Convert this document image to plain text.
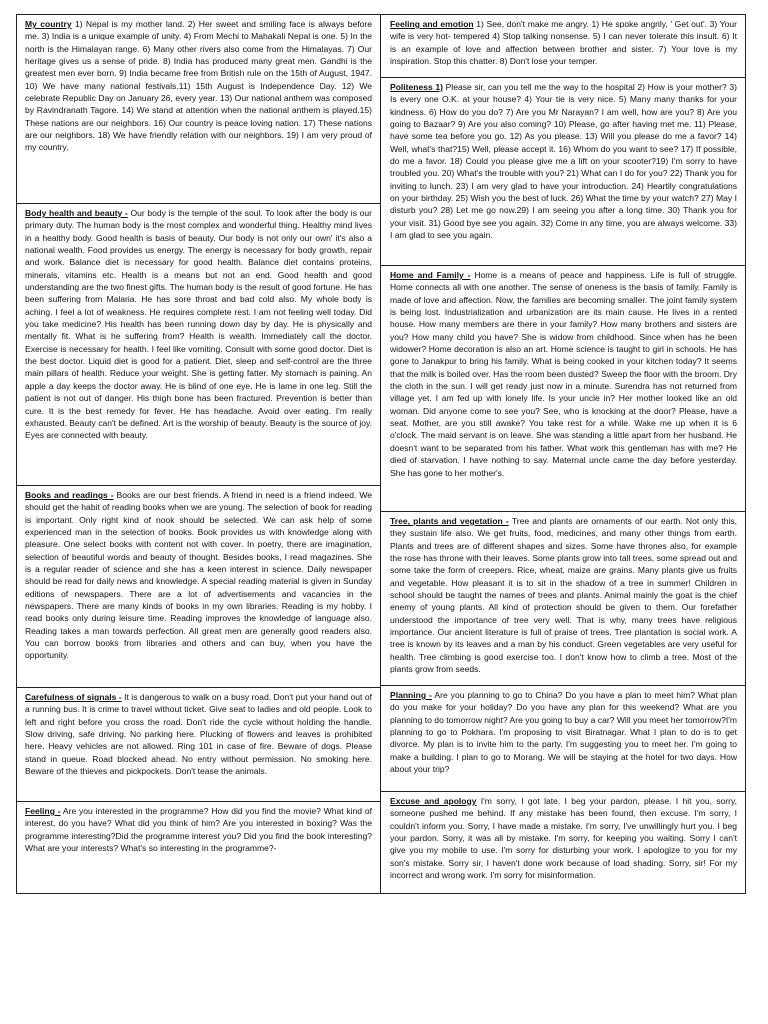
My country 1) Nepal is my mother land. 2) Her sweet and smiling face is always before me. 3) India is a unique example of unity. 4) From Mechi to Mahakali Nepal is one. 5) In the north is the Himalayan range. 6) Many other rivers also come from the Himalayas. 7) Our heritage gives us a sense of pride. 8) India has produced many great men. Gandhi is the greatest men ever born. 9) India became free from British rule on the 15th of August, 1947. 10) We have many national festivals.11) 15th August is Independence Day. 12) We celebrate Republic Day on January 26, every year. 13) Our national anthem was composed by Ravindranath Tagore. 14) We stand at attention when the national anthem is played.15) These nations are our neighbors. 16) Our country is peace loving nation. 17) These nations are our neighbors. 18) We have friendly relation with our neighbors. 19) I am very proud of my country.
Body health and beauty - Our body is the temple of the soul. To look after the body is our primary duty. The human body is the most complex and wonderful thing. Healthy mind lives in a healthy body. Good health is basis of beauty. Our body is not only our own' it's also a national wealth. Food provides us energy. The energy is necessary for body growth, repair and work. Balance diet is necessary for good health. Balance diet contains proteins, minerals, vitamins etc. Health is a means but not an end. Good health and good understanding are the two finest gifts. The human body is the result of good fortune. He has been suffering from Malaria. He has sore throat and bad cold also. My whole body is aching. I feel a lot of weakness. He requires complete rest. I am not feeling well today. Did you take medicine? His health has been running down day by day. He is physically and mentally fit. What is he suffering from? Health is wealth. Immediately call the doctor. Exercise is necessary for health. I feel like vomiting. Consult with some good doctor. Diet is the best doctor. Liquid diet is good for a patient. Diet, sleep and self-control are the three main pillars of health. Reduce your weight. She is getting fatter. My stomach is paining. An apple a day keeps the doctor away. He is blind of one eye. He is lame in one leg. Still the patient is not out of danger. His thigh bone has been fractured. Prevention is better than cure. It is the best remedy for fever. He has headache. Avoid over eating. I'm really exhausted. Beauty can't be defined. Art is the worship of beauty. Beauty is the source of joy. Eyes are connected with beauty.
Books and readings - Books are our best friends. A friend in need is a friend indeed. We should get the habit of reading books when we are young. The selection of book for reading is important. Only right kind of nook should be selected. We can ask help of some experienced man in the selection of books. Book provides us with knowledge along with pleasure. One select books with content not with cover. In poetry, there are imagination, selection of beautiful words and beauty of thought. Besides books, I read magazines. She is a regular reader of science and she has a keen interest in science. Daily newspaper should be read for daily news and knowledge. A special reading material is given in Sunday editions of newspapers. There are a lot of advertisements and vacancies in the newspapers. There are many kinds of books in my own libraries. Reading is my hobby. I read books only during leisure time. Reading improves the knowledge of language also. Reading takes a man towards perfection. All great men are generally good readers also. You can borrow books from libraries and others and can buy, when you have the opportunity.
Carefulness of signals - It is dangerous to walk on a busy road. Don't put your hand out of a running bus. It is crime to travel without ticket. Give seat to ladies and old people. Look to left and right before you cross the road. Don't ride the cycle without holding the handle. Slow driving, safe driving. No parking here. Plucking of flowers and leaves is prohibited here. Heavy vehicles are not allowed. Ring 101 in case of fire. Beware of dogs. Please stand in queue. Road blocked ahead. No entry without permission. No smoking here. Beware of the thieves and pickpockets. Don't tease the animals.
Feeling - Are you interested in the programme? How did you find the movie? What kind of interest, do you have? What did you think of him? Are you interested in boxing? Was the programme interesting?Did the programme interest you? Did you find the book interesting? What are your interests? What's so interesting in the programme?-
Feeling and emotion 1) See, don't make me angry. 1) He spoke angrily, ' Get out'. 3) Your wife is very hot- tempered 4) Stop talking nonsense. 5) I can never tolerate this insult. 6) It is an example of love and affection between brother and sister. 7) Your love is my inspiration. Stop this chatter. 8) Don't lose your temper.
Politeness 1) Please sir, can you tell me the way to the hospital 2) How is your mother? 3) Is every one O.K. at your house? 4) Your tie is very nice. 5) Many many thanks for your kindness. 6) How do you do? 7) Are you Mr Narayan? I am well, how are you? 8) Are you going to Bazaar? 9) Are you also coming? 10) Please, go after having met me. 11) Please, have some tea before you go. 12) As you please. 13) Will you please do me a favor? 14) Well, what's that?15) Well, please accept it. 16) Whom do you want to see? 17) If possible, do me a favor. 18) Could you please give me a lift on your scooter?19) I'm sorry to have troubled you. 20) What's the trouble with you? 21) What can I do for you? 22) Thank you for inviting to lunch. 23) I am very glad to have your introduction. 24) Heartily congratulations on your birthday. 25) Wish you the best of luck. 26) What the time by your watch? 27) May I disturb you? 28) Let me go now.29) I am seeing you after a long time. 30) Thank you for your visit. 31) Good bye see you again. 32) Come in any time, you are always welcome. 33) I am glad to see you again.
Home and Family - Home is a means of peace and happiness. Life is full of struggle. Home connects all with one another. The sense of oneness is the basis of family. Family is made of love and affection. Now, the families are becoming smaller. The joint family system is being lost. Industrialization and urbanization are its main cause. He lives in a rented house. How many members are there in your family? How many brothers and sisters are you? How many child you have? She is widow from childhood. Since when has he been widower? Home decoration is also an art. Home science is taught to girl in schools. He has gone to Janakpur to bring his family. What is being cooked in your kitchen today? It seems that the milk is boiled over. Has the room been dusted? Sweep the floor with the broom. Dry the cloth in the sun. I will get ready just now in a minute. Surendra has not returned from village yet. I am fed up with lonely life. Is your uncle in? Her mother looked like an old woman. Did anyone come to see you? See, who is knocking at the door? Please, have a seat. Mother, are you still awake? You take rest for a while. Wake me up when it is 6 o'clock. The maid servant is on leave. She was standing a little apart from her husband. He doesn't want to be separated from his father. What work this gentleman has with me? He died of starvation. I have nothing to say. Maternal uncle came the day before yesterday. She has gone to her mother's.
Tree, plants and vegetation - Tree and plants are ornaments of our earth. Not only this, they sustain life also. We get fruits, food, medicines, and many other things from earth. Plants and trees are of different shapes and sizes. Some have thrones also, for example the rose has throne with their leaves. Some plants grow into tall trees, some spread out and some take the form of creepers. Rice, wheat, maize are grains. Many plants give us fruits and vegetable. How pleasant it is to sit in the shadow of a tree in summer! Children in school should be taught the names of trees and plants. Animal mainly the goat is the chief enemy of young plants. All kind of protection should be given to them. Our forefather understood the importance of tree very well. That is why, many trees have religious importance. Our ancient literature is full of praise of trees. Tree plantation is social work. A tree is known by its leaves and a man by his conduct. Green vegetables are very useful for health. Tree climbing is good exercise too. I don't know how to climb a tree. Most of the plants grow from seeds.
Planning - Are you planning to go to China? Do you have a plan to meet him? What plan do you make for your holiday? Do you have any plan for this weekend? What are you planning to do tomorrow night? Are you going to buy a car? Will you meet her tomorrow?I'm planning to go to Pokhara. I'm proposing to visit Biratnagar. What I plan to do is to get divorce. My plan is to invite him to the party. I'm suggesting you to meet her. I'm going to make a building. I plan to go to Morang. We will be staying at the hotel for two days. How about your trip?
Excuse and apology I'm sorry, I got late. I beg your pardon, please. I hit you, sorry, someone pushed me behind. If any mistake has been found, then excuse. I'm sorry, I couldn't inform you. Sorry, I have made a mistake. I'm sorry, I've unwillingly hurt you. I beg your pardon. Sorry, it was all by mistake. I'm sorry, for keeping you waiting. Sorry I can't give you my mobile to use. I'm sorry for disturbing your work. I apologize to you for my son's mistake. Sorry sir, I haven't done work because of load shading. Sorry, sir! For my incorrect and wrong work. I'm sorry for misinformation.
